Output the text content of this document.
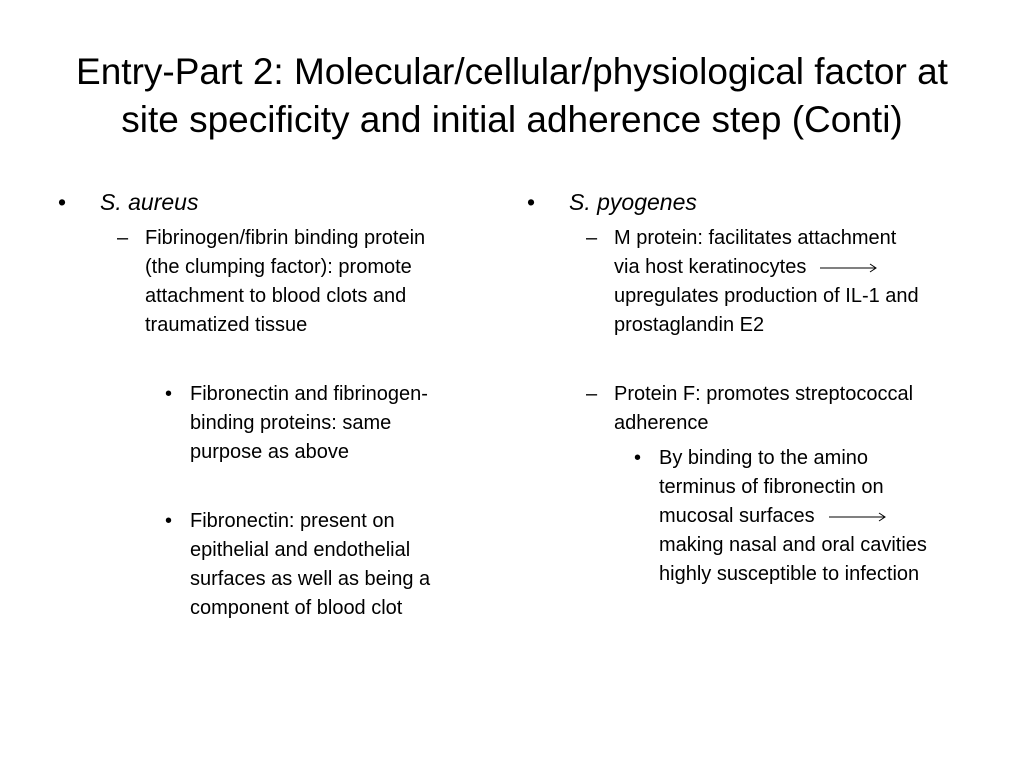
Entry-Part 2: Molecular/cellular/physiological factor at
site specificity and initial adherence step (Conti)
• S. aureus
– Fibrinogen/fibrin binding protein
(the clumping factor): promote
attachment to blood clots and
traumatized tissue
• Fibronectin and fibrinogen-
binding proteins: same
purpose as above
• Fibronectin: present on
epithelial and endothelial
surfaces as well as being a
component of blood clot
• S. pyogenes
– M protein: facilitates attachment
via host keratinocytes
upregulates production of IL-1 and
prostaglandin E2
– Protein F: promotes streptococcal
adherence
• By binding to the amino
terminus of fibronectin on
mucosal surfaces
making nasal and oral cavities
highly susceptible to infection
